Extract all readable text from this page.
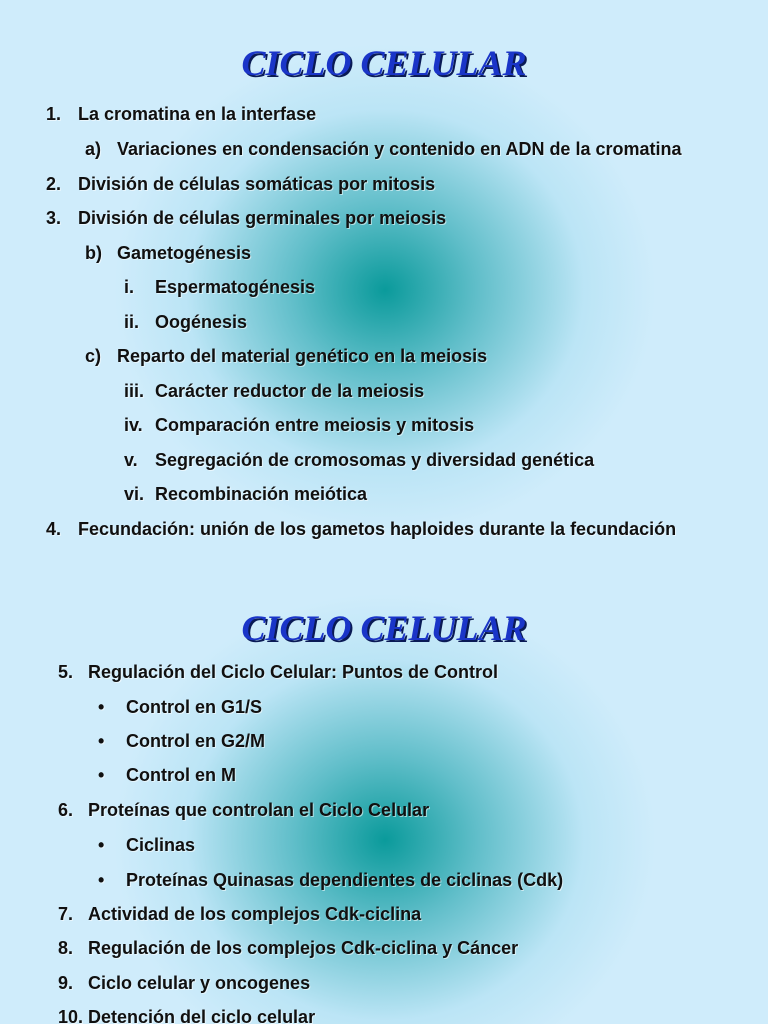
CICLO CELULAR
1. La cromatina en la interfase
a) Variaciones en condensación y contenido en ADN de la cromatina
2. División de células somáticas por mitosis
3. División de células germinales por meiosis
b) Gametogénesis
i. Espermatogénesis
ii. Oogénesis
c) Reparto del material genético en la meiosis
iii. Carácter reductor de la meiosis
iv. Comparación entre meiosis y mitosis
v. Segregación de cromosomas y diversidad genética
vi. Recombinación meiótica
4. Fecundación: unión de los gametos haploides durante la fecundación
CICLO CELULAR
5. Regulación del Ciclo Celular: Puntos de Control
• Control en G1/S
• Control en G2/M
• Control en M
6. Proteínas que controlan el Ciclo Celular
• Ciclinas
• Proteínas Quinasas dependientes de ciclinas (Cdk)
7. Actividad de los complejos Cdk-ciclina
8. Regulación de los complejos Cdk-ciclina y Cáncer
9. Ciclo celular y oncogenes
10. Detención del ciclo celular
